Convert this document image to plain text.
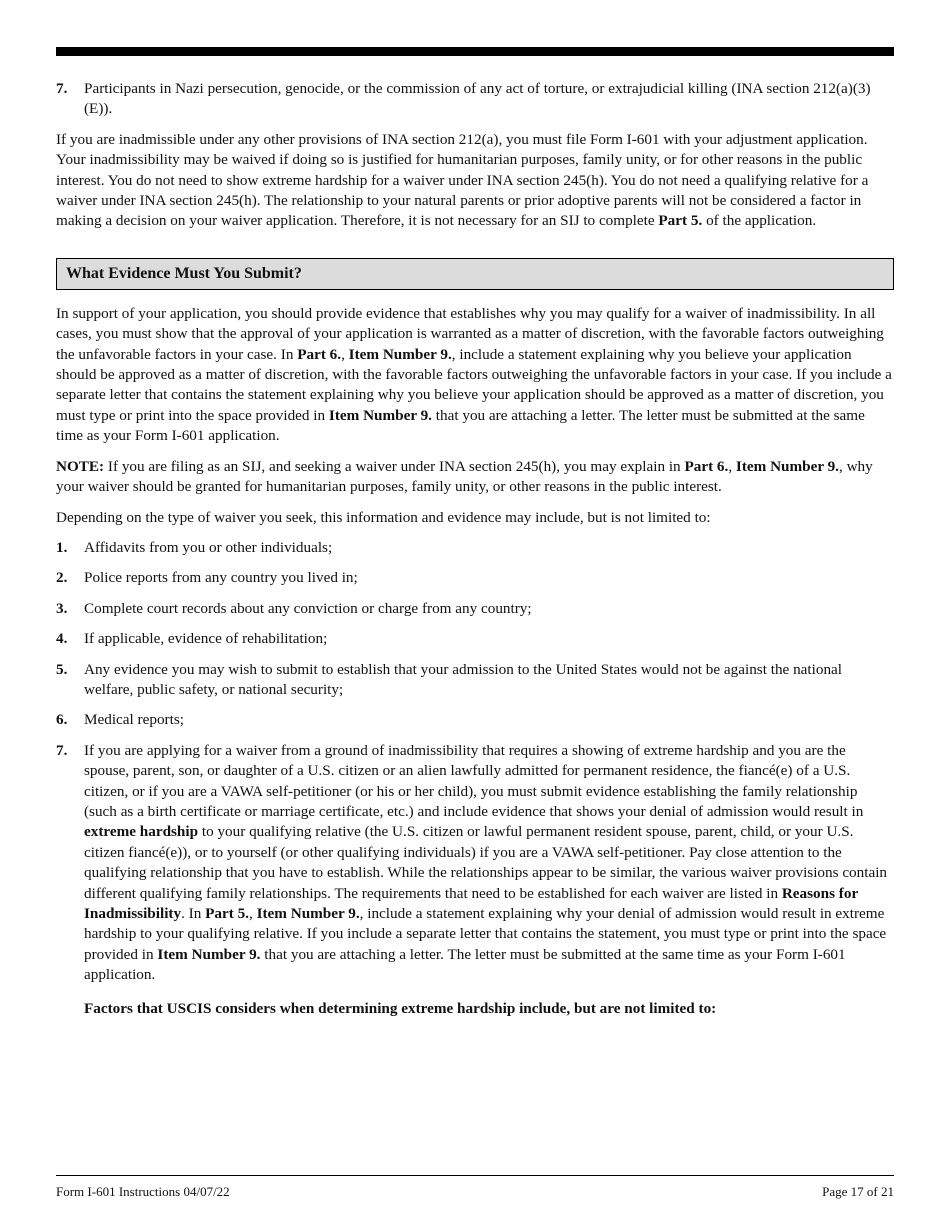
7. Participants in Nazi persecution, genocide, or the commission of any act of torture, or extrajudicial killing (INA section 212(a)(3)(E)).

If you are inadmissible under any other provisions of INA section 212(a), you must file Form I-601 with your adjustment application. Your inadmissibility may be waived if doing so is justified for humanitarian purposes, family unity, or for other reasons in the public interest. You do not need to show extreme hardship for a waiver under INA section 245(h). You do not need a qualifying relative for a waiver under INA section 245(h). The relationship to your natural parents or prior adoptive parents will not be considered a factor in making a decision on your waiver application. Therefore, it is not necessary for an SIJ to complete Part 5. of the application.

What Evidence Must You Submit?

In support of your application, you should provide evidence that establishes why you may qualify for a waiver of inadmissibility. In all cases, you must show that the approval of your application is warranted as a matter of discretion, with the favorable factors outweighing the unfavorable factors in your case. In Part 6., Item Number 9., include a statement explaining why you believe your application should be approved as a matter of discretion, with the favorable factors outweighing the unfavorable factors in your case. If you include a separate letter that contains the statement explaining why you believe your application should be approved as a matter of discretion, you must type or print into the space provided in Item Number 9. that you are attaching a letter. The letter must be submitted at the same time as your Form I-601 application.

NOTE: If you are filing as an SIJ, and seeking a waiver under INA section 245(h), you may explain in Part 6., Item Number 9., why your waiver should be granted for humanitarian purposes, family unity, or other reasons in the public interest.

Depending on the type of waiver you seek, this information and evidence may include, but is not limited to:

1. Affidavits from you or other individuals;
2. Police reports from any country you lived in;
3. Complete court records about any conviction or charge from any country;
4. If applicable, evidence of rehabilitation;
5. Any evidence you may wish to submit to establish that your admission to the United States would not be against the national welfare, public safety, or national security;
6. Medical reports;
7. If you are applying for a waiver from a ground of inadmissibility that requires a showing of extreme hardship and you are the spouse, parent, son, or daughter of a U.S. citizen or an alien lawfully admitted for permanent residence, the fiancé(e) of a U.S. citizen, or if you are a VAWA self-petitioner (or his or her child), you must submit evidence establishing the family relationship (such as a birth certificate or marriage certificate, etc.) and include evidence that shows your denial of admission would result in extreme hardship to your qualifying relative (the U.S. citizen or lawful permanent resident spouse, parent, child, or your U.S. citizen fiancé(e)), or to yourself (or other qualifying individuals) if you are a VAWA self-petitioner. Pay close attention to the qualifying relationship that you have to establish. While the relationships appear to be similar, the various waiver provisions contain different qualifying family relationships. The requirements that need to be established for each waiver are listed in Reasons for Inadmissibility. In Part 5., Item Number 9., include a statement explaining why your denial of admission would result in extreme hardship to your qualifying relative. If you include a separate letter that contains the statement, you must type or print into the space provided in Item Number 9. that you are attaching a letter. The letter must be submitted at the same time as your Form I-601 application.
Factors that USCIS considers when determining extreme hardship include, but are not limited to:
Form I-601 Instructions 04/07/22	Page 17 of 21
